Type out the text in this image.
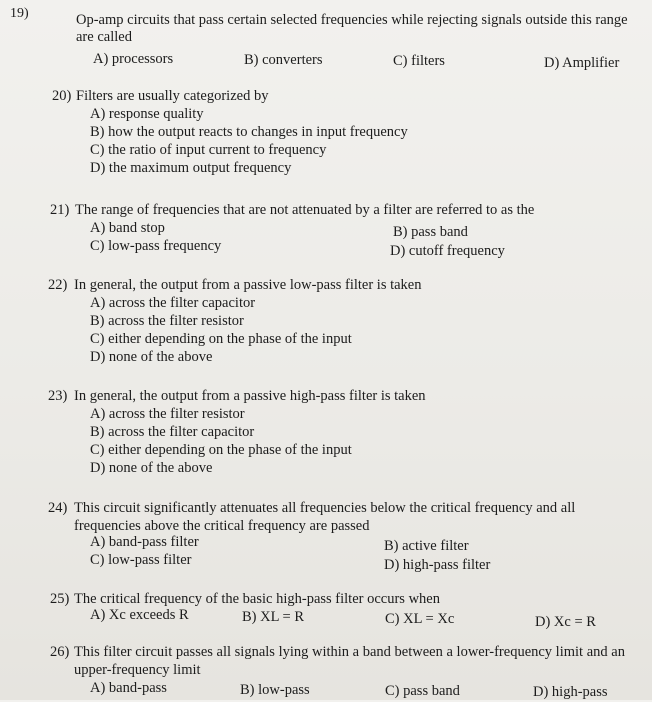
19)	Op-amp circuits that pass certain selected frequencies while rejecting signals outside this range
are called
A) processors	B) converters	C) filters	D) Amplifier
20) Filters are usually categorized by
A) response quality
B) how the output reacts to changes in input frequency
C) the ratio of input current to frequency
D) the maximum output frequency
21) The range of frequencies that are not attenuated by a filter are referred to as the
A) band stop	B) pass band
C) low-pass frequency	D) cutoff frequency
22) In general, the output from a passive low-pass filter is taken
A) across the filter capacitor
B) across the filter resistor
C) either depending on the phase of the input
D) none of the above
23) In general, the output from a passive high-pass filter is taken
A) across the filter resistor
B) across the filter capacitor
C) either depending on the phase of the input
D) none of the above
24) This circuit significantly attenuates all frequencies below the critical frequency and all
frequencies above the critical frequency are passed
A) band-pass filter	B) active filter
C) low-pass filter	D) high-pass filter
25) The critical frequency of the basic high-pass filter occurs when
A) Xc exceeds R	B) XL = R	C) XL = Xc	D) Xc = R
26) This filter circuit passes all signals lying within a band between a lower-frequency limit and an
upper-frequency limit
A) band-pass	B) low-pass	C) pass band	D) high-pass
